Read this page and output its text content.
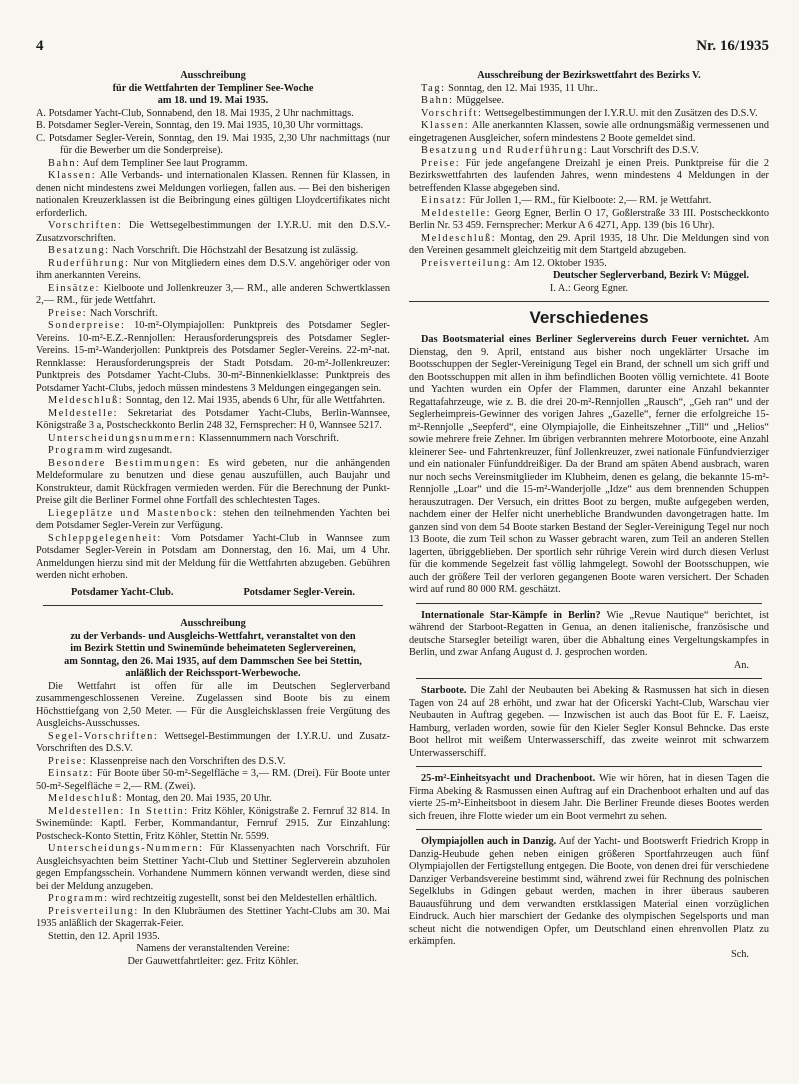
4	Nr. 16/1935
Ausschreibung
für die Wettfahrten der Templiner See-Woche
am 18. und 19. Mai 1935.

A. Potsdamer Yacht-Club, Sonnabend, den 18. Mai 1935, 2 Uhr nachmittags.

B. Potsdamer Segler-Verein, Sonntag, den 19. Mai 1935, 10,30 Uhr vormittags.

C. Potsdamer Segler-Verein, Sonntag, den 19. Mai 1935, 2,30 Uhr nachmittags (nur für die Bewerber um die Sonderpreise).

Bahn: Auf dem Templiner See laut Programm.

Klassen: Alle Verbands- und internationalen Klassen. Rennen für Klassen, in denen nicht mindestens zwei Meldungen vorliegen, fallen aus. — Bei den bisherigen nationalen Kreuzerklassen ist die Beibringung eines gültigen Lloydcertifikates nicht erforderlich.

Vorschriften: Die Wettsegelbestimmungen der I.Y.R.U. mit den D.S.V.-Zusatzvorschriften.

Besatzung: Nach Vorschrift. Die Höchstzahl der Besatzung ist zulässig.

Ruderführung: Nur von Mitgliedern eines dem D.S.V. angehöriger oder von ihm anerkannten Vereins.

Einsätze: Kielboote und Jollenkreuzer 3,— RM., alle anderen Schwertklassen 2,— RM., für jede Wettfahrt.

Preise: Nach Vorschrift.

Sonderpreise: 10-m²-Olympiajollen: Punktpreis des Potsdamer Segler-Vereins. 10-m²-E.Z.-Rennjollen: Herausforderungspreis des Potsdamer Segler-Vereins. 15-m²-Wanderjollen: Punktpreis des Potsdamer Segler-Vereins. 22-m²-nat. Rennklasse: Herausforderungspreis der Stadt Potsdam. 20-m²-Jollenkreuzer: Punktpreis des Potsdamer Yacht-Clubs. 30-m²-Binnenkielklasse: Punktpreis des Potsdamer Yacht-Clubs, jedoch müssen mindestens 3 Meldungen eingegangen sein.

Meldeschluß: Sonntag, den 12. Mai 1935, abends 6 Uhr, für alle Wettfahrten.

Meldestelle: Sekretariat des Potsdamer Yacht-Clubs, Berlin-Wannsee, Königstraße 3 a, Postscheckkonto Berlin 248 32, Fernsprecher: H 0, Wannsee 5217.

Unterscheidungsnummern: Klassennummern nach Vorschrift.

Programm wird zugesandt.

Besondere Bestimmungen: Es wird gebeten, nur die anhängenden Meldeformulare zu benutzen und diese genau auszufüllen, auch Baujahr und Konstrukteur, damit Rückfragen vermieden werden. Für die Berechnung der Punkt-Preise gilt die Berliner Formel ohne Fortfall des schlechtesten Tages.

Liegeplätze und Mastenbock: stehen den teilnehmenden Yachten bei dem Potsdamer Segler-Verein zur Verfügung.

Schleppgelegenheit: Vom Potsdamer Yacht-Club in Wannsee zum Potsdamer Segler-Verein in Potsdam am Donnerstag, den 16. Mai, um 4 Uhr. Anmeldungen hierzu sind mit der Meldung für die Wettfahrten abzugeben. Gebühren werden nicht erhoben.

Potsdamer Yacht-Club.	Potsdamer Segler-Verein.
Ausschreibung
zu der Verbands- und Ausgleichs-Wettfahrt, veranstaltet von den
im Bezirk Stettin und Swinemünde beheimateten Seglervereinen,
am Sonntag, den 26. Mai 1935, auf dem Dammschen See bei Stettin,
anläßlich der Reichssport-Werbewoche.

Die Wettfahrt ist offen für alle im Deutschen Seglerverband zusammengeschlossenen Vereine. Zugelassen sind Boote bis zu einem Höchsttiefgang von 2,50 Meter. — Für die Ausgleichsklassen freie Vergütung des Ausgleichs-Ausschusses.

Segel-Vorschriften: Wettsegel-Bestimmungen der I.Y.R.U. und Zusatz-Vorschriften des D.S.V.

Preise: Klassenpreise nach den Vorschriften des D.S.V.

Einsatz: Für Boote über 50-m²-Segelfläche = 3,— RM. (Drei). Für Boote unter 50-m²-Segelfläche = 2,— RM. (Zwei).

Meldeschluß: Montag, den 20. Mai 1935, 20 Uhr.

Meldestellen: In Stettin: Fritz Köhler, Königstraße 2. Fernruf 32 814. In Swinemünde: Kaptl. Ferber, Kommandantur, Fernruf 2915. Zur Einzahlung: Postscheck-Konto Stettin, Fritz Köhler, Stettin Nr. 5599.

Unterscheidungs-Nummern: Für Klassenyachten nach Vorschrift. Für Ausgleichsyachten beim Stettiner Yacht-Club und Stettiner Seglerverein abzuholen gegen Empfangsschein. Vorhandene Nummern können verwandt werden, diese sind bei der Meldung anzugeben.

Programm: wird rechtzeitig zugestellt, sonst bei den Meldestellen erhältlich.

Preisverteilung: In den Klubräumen des Stettiner Yacht-Clubs am 30. Mai 1935 anläßlich der Skagerrak-Feier.

Stettin, den 12. April 1935.

Namens der veranstaltenden Vereine:
Der Gauwettfahrtleiter: gez. Fritz Köhler.
Ausschreibung der Bezirkswettfahrt des Bezirks V.

Tag: Sonntag, den 12. Mai 1935, 11 Uhr..

Bahn: Müggelsee.

Vorschrift: Wettsegelbestimmungen der I.Y.R.U. mit den Zusätzen des D.S.V.

Klassen: Alle anerkannten Klassen, sowie alle ordnungsmäßig vermessenen und eingetragenen Ausgleicher, sofern mindestens 2 Boote gemeldet sind.

Besatzung und Ruderführung: Laut Vorschrift des D.S.V.

Preise: Für jede angefangene Dreizahl je einen Preis. Punktpreise für die 2 Bezirkswettfahrten des laufenden Jahres, wenn mindestens 4 Meldungen in der betreffenden Klasse abgegeben sind.

Einsatz: Für Jollen 1,— RM., für Kielboote: 2,— RM. je Wettfahrt.

Meldestelle: Georg Egner, Berlin O 17, Goßlerstraße 33 III. Postscheckkonto Berlin Nr. 53 459. Fernsprecher: Merkur A 6 4271, App. 139 (bis 16 Uhr).

Meldeschluß: Montag, den 29. April 1935, 18 Uhr. Die Meldungen sind von den Vereinen gesammelt gleichzeitig mit dem Startgeld abzugeben.

Preisverteilung: Am 12. Oktober 1935.

Deutscher Seglerverband, Bezirk V: Müggel.
I. A.: Georg Egner.
Verschiedenes

Das Bootsmaterial eines Berliner Seglervereins durch Feuer vernichtet. Am Dienstag, den 9. April, entstand aus bisher noch ungeklärter Ursache im Bootsschuppen der Segler-Vereinigung Tegel ein Brand, der schnell um sich griff und den Bootsschuppen mit allen in ihm befindlichen Booten völlig vernichtete. 41 Boote und Yachten wurden ein Opfer der Flammen, darunter eine Anzahl bekannter Regattafahrzeuge, wie z. B. die drei 20-m²-Rennjollen „Rausch“, „Geh ran“ und der Seglerheimpreis-Gewinner des vorigen Jahres „Gazelle“, ferner die erfolgreiche 15-m²-Rennjolle „Seepferd“, eine Olympiajolle, die Einheitszehner „Till“ und „Helios“ sowie mehrere freie Zehner. Im übrigen verbrannten mehrere Motorboote, eine Anzahl kleinerer See- und Fahrtenkreuzer, fünf Jollenkreuzer, zwei nationale Fünfundvierziger und ein nationaler Fünfunddreißiger. Da der Brand am späten Abend ausbrach, waren nur noch sechs Vereinsmitglieder im Klubheim, denen es gelang, die bekannte 15-m²-Rennjolle „Loar“ und die 15-m²-Wanderjolle „Idze“ aus dem brennenden Schuppen herauszutragen. Der Versuch, ein drittes Boot zu bergen, mußte aufgegeben werden, nachdem einer der Helfer nicht unerhebliche Brandwunden davongetragen hatte. Im ganzen sind von dem 54 Boote starken Bestand der Segler-Vereinigung Tegel nur noch 13 Boote, die zum Teil schon zu Wasser gebracht waren, zum Teil an anderen Stellen lagerten, übriggeblieben. Der sportlich sehr rührige Verein wird durch diesen Verlust für die kommende Segelzeit fast völlig lahmgelegt. Sowohl der Bootsschuppen, wie auch der größere Teil der verloren gegangenen Boote waren versichert. Der Schaden wird auf rund 80 000 RM. geschätzt.

Internationale Star-Kämpfe in Berlin? Wie „Revue Nautique“ berichtet, ist während der Starboot-Regatten in Genua, an denen italienische, französische und deutsche Starsegler beteiligt waren, über die Abhaltung eines Vergeltungskampfes in Berlin, und zwar Anfang August d. J. gesprochen worden.

An.

Starboote. Die Zahl der Neubauten bei Abeking & Rasmussen hat sich in diesen Tagen von 24 auf 28 erhöht, und zwar hat der Oficerski Yacht-Club, Warschau vier Neubauten in Auftrag gegeben. — Inzwischen ist auch das Boot für E. F. Laeisz, Hamburg, verladen worden, sowie für den Kieler Segler Konsul Behncke. Das erste Boot hellrot mit weißem Unterwasserschiff, das zweite weinrot mit schwarzem Unterwasserschiff.

25-m²-Einheitsyacht und Drachenboot. Wie wir hören, hat in diesen Tagen die Firma Abeking & Rasmussen einen Auftrag auf ein Drachenboot erhalten und auf das vierte 25-m²-Einheitsboot in diesem Jahr. Die Berliner Freunde dieses Bootes werden sich freuen, ihre Flotte wieder um ein Boot vermehrt zu sehen.

Olympiajollen auch in Danzig. Auf der Yacht- und Bootswerft Friedrich Kropp in Danzig-Heubude gehen neben einigen größeren Sportfahrzeugen auch fünf Olympiajollen der Fertigstellung entgegen. Die Boote, von denen drei für verschiedene Danziger Verbandsvereine bestimmt sind, während zwei für Rechnung des polnischen Segelklubs in Gdingen gebaut werden, machen in ihrer überaus sauberen Bauausführung und dem verwandten erstklassigen Material einen vorzüglichen Eindruck. Auch hier marschiert der Gedanke des olympischen Segelsports und man scheut nicht die notwendigen Opfer, um Deutschland einen ehrenvollen Platz zu erkämpfen.

Sch.
